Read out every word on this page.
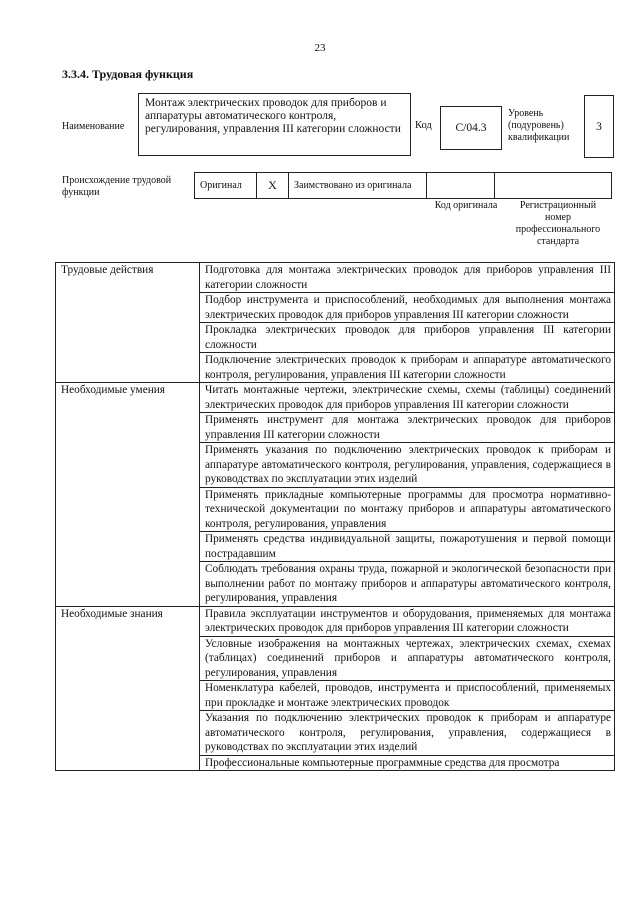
23
3.3.4. Трудовая функция
Наименование
Монтаж электрических проводок для приборов и аппаратуры автоматического контроля, регулирования, управления III категории сложности	Код	С/04.3
Уровень (подуровень) квалификации
3
Происхождение трудовой функции
Оригинал	X	Заимствовано из оригинала		
Код оригинала	Регистрационный номер профессионального стандарта
Трудовые действия	Подготовка для монтажа электрических проводок для приборов управления III категории сложности
	Подбор инструмента и приспособлений, необходимых для выполнения монтажа электрических проводок для приборов управления III категории сложности
	Прокладка электрических проводок для приборов управления III категории сложности
	Подключение электрических проводок к приборам и аппаратуре автоматического контроля, регулирования, управления III категории сложности
Необходимые умения	Читать монтажные чертежи, электрические схемы, схемы (таблицы) соединений электрических проводок для приборов управления III категории сложности
	Применять инструмент для монтажа электрических проводок для приборов управления III категории сложности
	Применять указания по подключению электрических проводок к приборам и аппаратуре автоматического контроля, регулирования, управления, содержащиеся в руководствах по эксплуатации этих изделий
	Применять прикладные компьютерные программы для просмотра нормативно-технической документации по монтажу приборов и аппаратуры автоматического контроля, регулирования, управления
	Применять средства индивидуальной защиты, пожаротушения и первой помощи пострадавшим
	Соблюдать требования охраны труда, пожарной и экологической безопасности при выполнении работ по монтажу приборов и аппаратуры автоматического контроля, регулирования, управления
Необходимые знания	Правила эксплуатации инструментов и оборудования, применяемых для монтажа электрических проводок для приборов управления III категории сложности
	Условные изображения на монтажных чертежах, электрических схемах, схемах (таблицах) соединений приборов и аппаратуры автоматического контроля, регулирования, управления
	Номенклатура кабелей, проводов, инструмента и приспособлений, применяемых при прокладке и монтаже электрических проводок
	Указания по подключению электрических проводок к приборам и аппаратуре автоматического контроля, регулирования, управления, содержащиеся в руководствах по эксплуатации этих изделий
	Профессиональные компьютерные программные средства для просмотра
